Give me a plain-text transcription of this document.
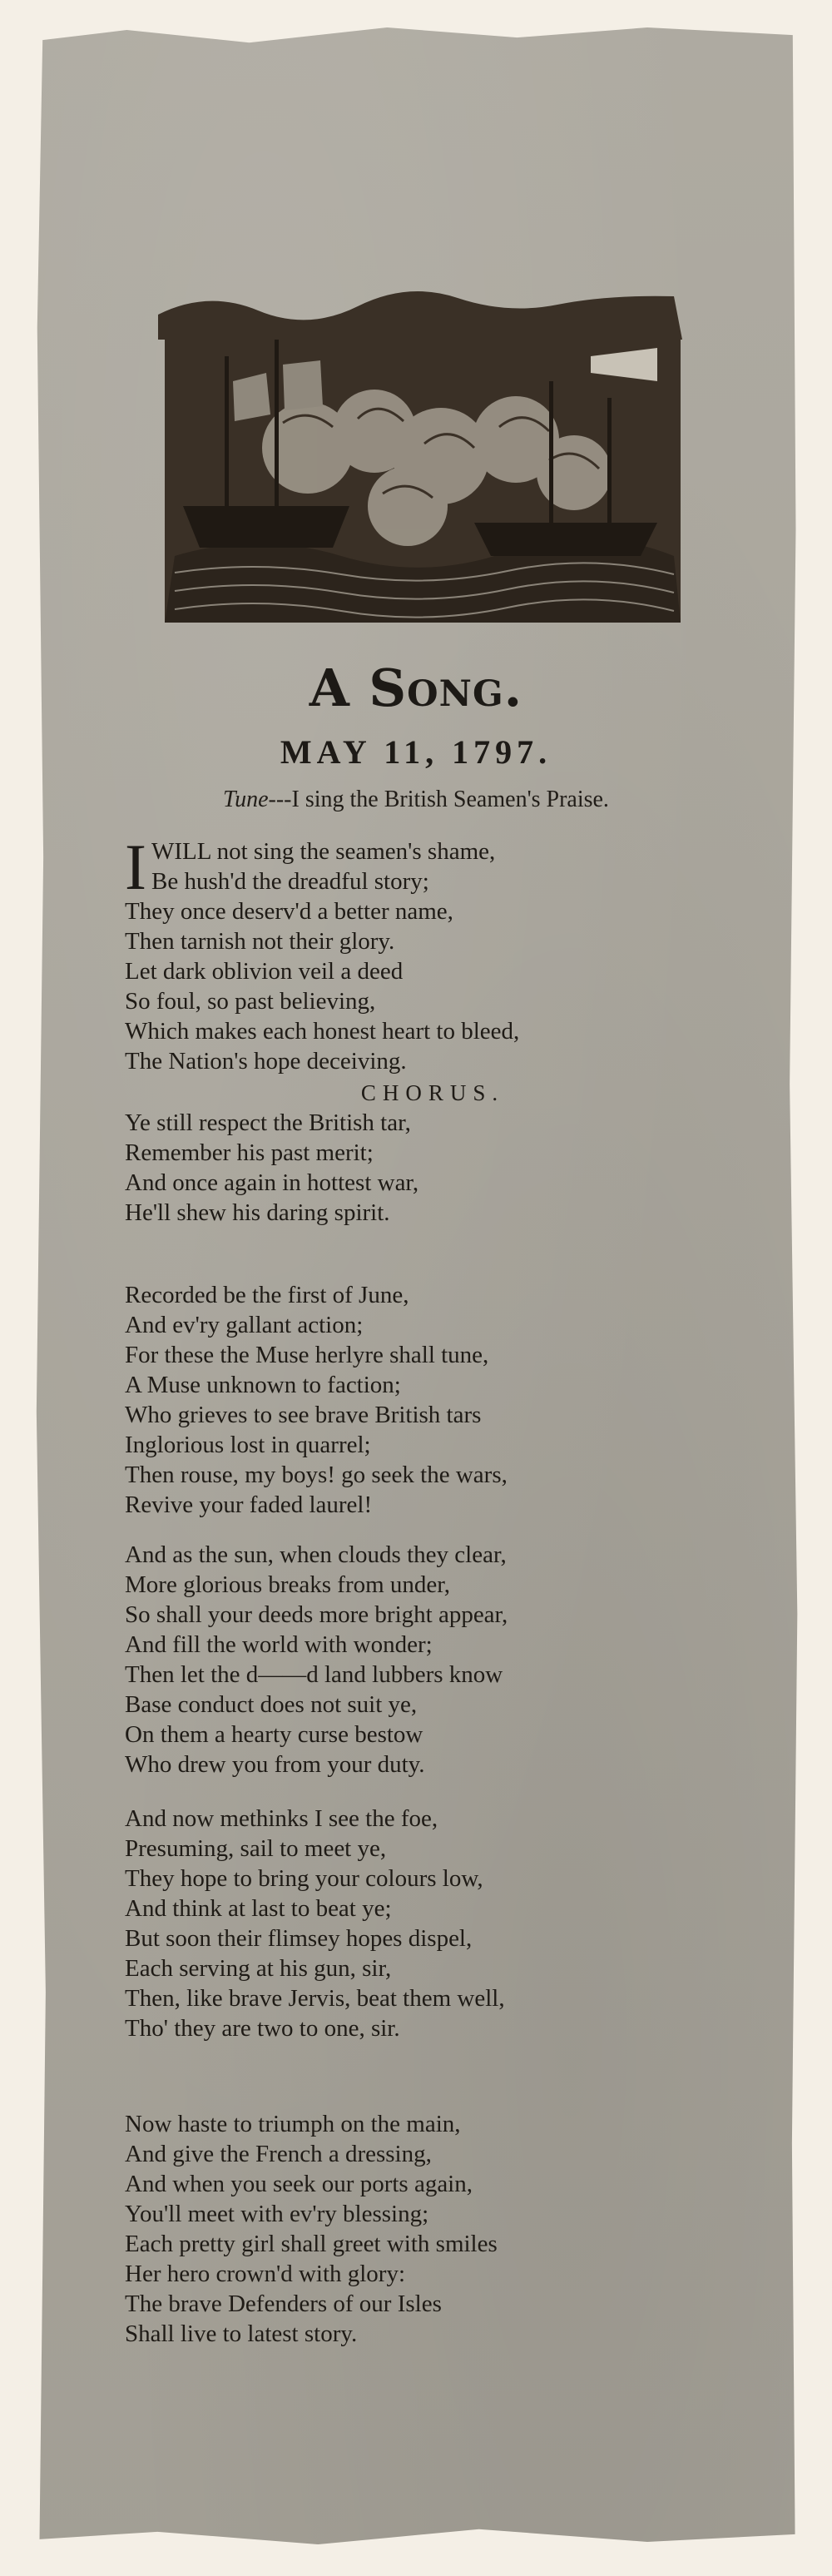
A Song.
MAY 11, 1797.
Tune---I sing the British Seamen's Praise.
I WILL not sing the seamen's shame,

Be hush'd the dreadful story;

They once deserv'd a better name,

Then tarnish not their glory.

Let dark oblivion veil a deed

So foul, so past believing,

Which makes each honest heart to bleed,

The Nation's hope deceiving.

CHORUS.

Ye still respect the British tar,

Remember his past merit;

And once again in hottest war,

He'll shew his daring spirit.

Recorded be the first of June,

And ev'ry gallant action;

For these the Muse herlyre shall tune,

A Muse unknown to faction;

Who grieves to see brave British tars

Inglorious lost in quarrel;

Then rouse, my boys! go seek the wars,

Revive your faded laurel!

And as the sun, when clouds they clear,

More glorious breaks from under,

So shall your deeds more bright appear,

And fill the world with wonder;

Then let the d——d land lubbers know

Base conduct does not suit ye,

On them a hearty curse bestow

Who drew you from your duty.

And now methinks I see the foe,

Presuming, sail to meet ye,

They hope to bring your colours low,

And think at last to beat ye;

But soon their flimsey hopes dispel,

Each serving at his gun, sir,

Then, like brave Jervis, beat them well,

Tho' they are two to one, sir.

Now haste to triumph on the main,

And give the French a dressing,

And when you seek our ports again,

You'll meet with ev'ry blessing;

Each pretty girl shall greet with smiles

Her hero crown'd with glory:

The brave Defenders of our Isles

Shall live to latest story.
